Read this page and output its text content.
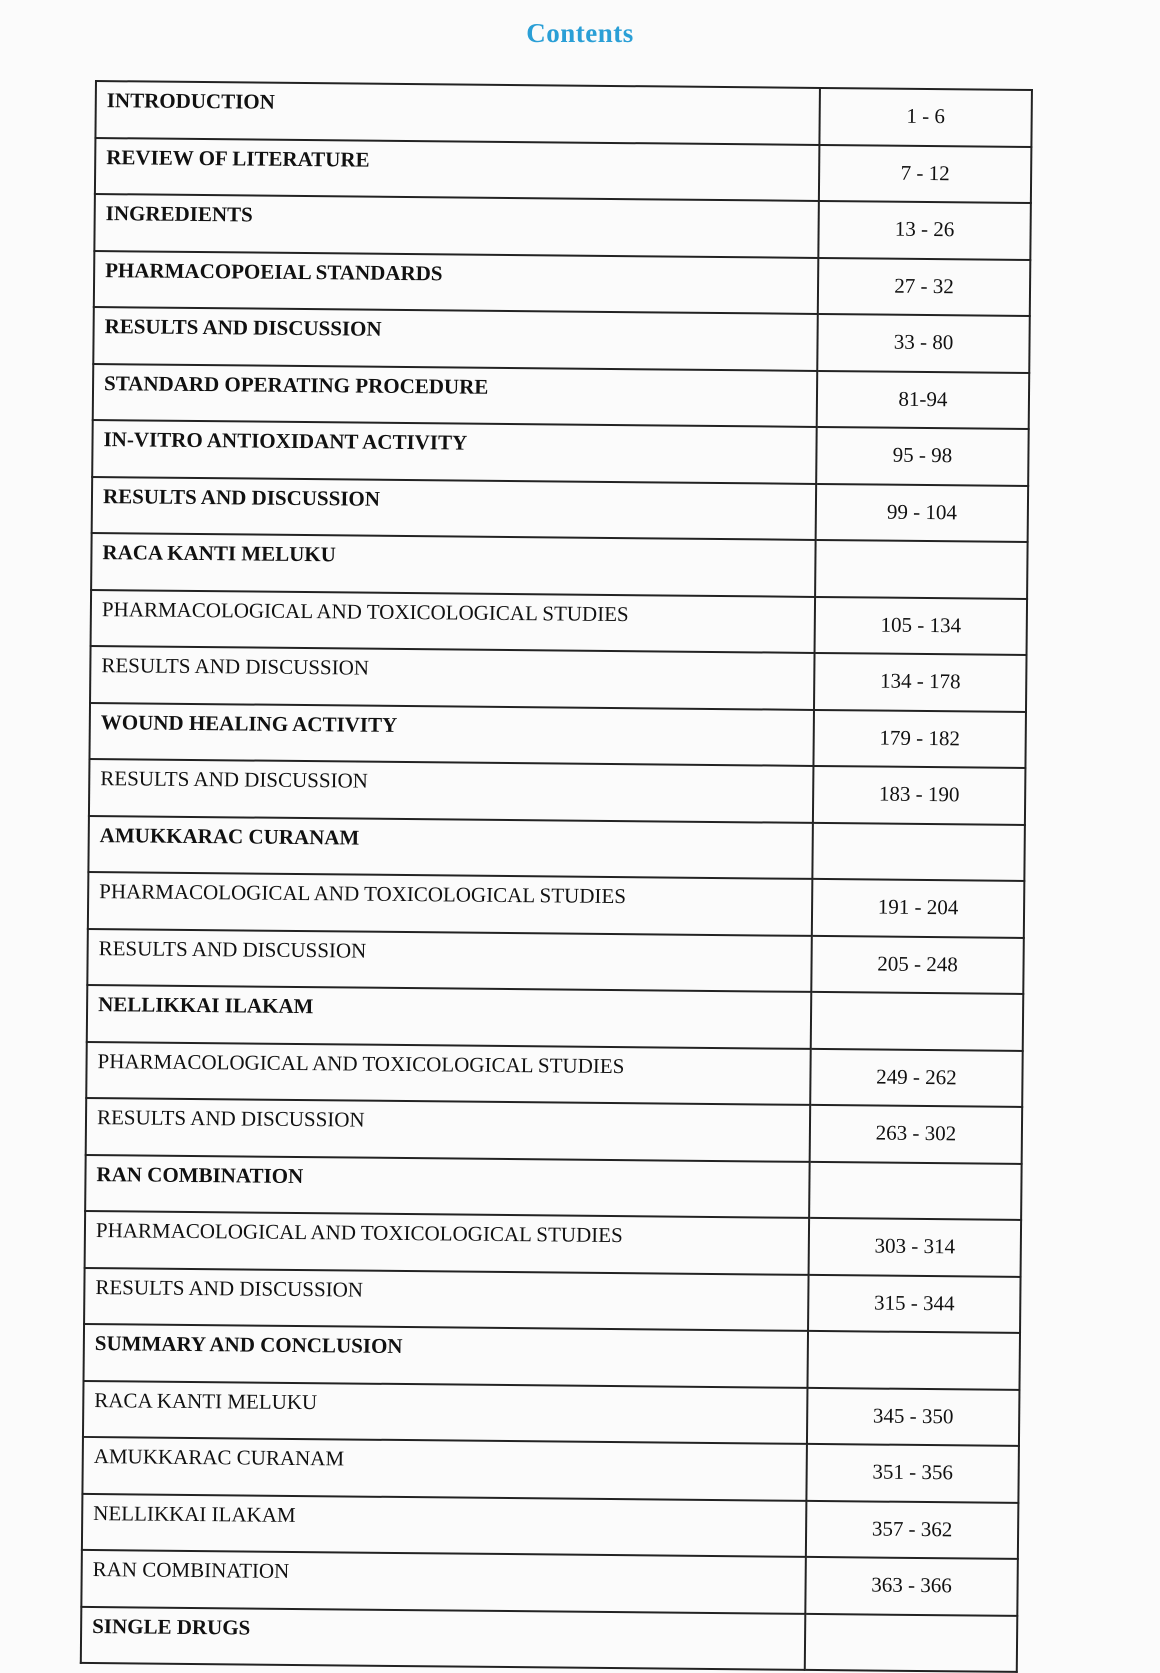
Contents
INTRODUCTION	1 - 6
REVIEW OF LITERATURE	7 - 12
INGREDIENTS	13 - 26
PHARMACOPOEIAL STANDARDS	27 - 32
RESULTS AND DISCUSSION	33 - 80
STANDARD OPERATING PROCEDURE	81-94
IN-VITRO ANTIOXIDANT ACTIVITY	95 - 98
RESULTS AND DISCUSSION	99 - 104
RACA KANTI MELUKU	
PHARMACOLOGICAL AND TOXICOLOGICAL STUDIES	105 - 134
RESULTS AND DISCUSSION	134 - 178
WOUND HEALING ACTIVITY	179 - 182
RESULTS AND DISCUSSION	183 - 190
AMUKKARAC CURANAM	
PHARMACOLOGICAL AND TOXICOLOGICAL STUDIES	191 - 204
RESULTS AND DISCUSSION	205 - 248
NELLIKKAI ILAKAM	
PHARMACOLOGICAL AND TOXICOLOGICAL STUDIES	249 - 262
RESULTS AND DISCUSSION	263 - 302
RAN COMBINATION	
PHARMACOLOGICAL AND TOXICOLOGICAL STUDIES	303 - 314
RESULTS AND DISCUSSION	315 - 344
SUMMARY AND CONCLUSION	
RACA KANTI MELUKU	345 - 350
AMUKKARAC CURANAM	351 - 356
NELLIKKAI ILAKAM	357 - 362
RAN COMBINATION	363 - 366
SINGLE DRUGS	
